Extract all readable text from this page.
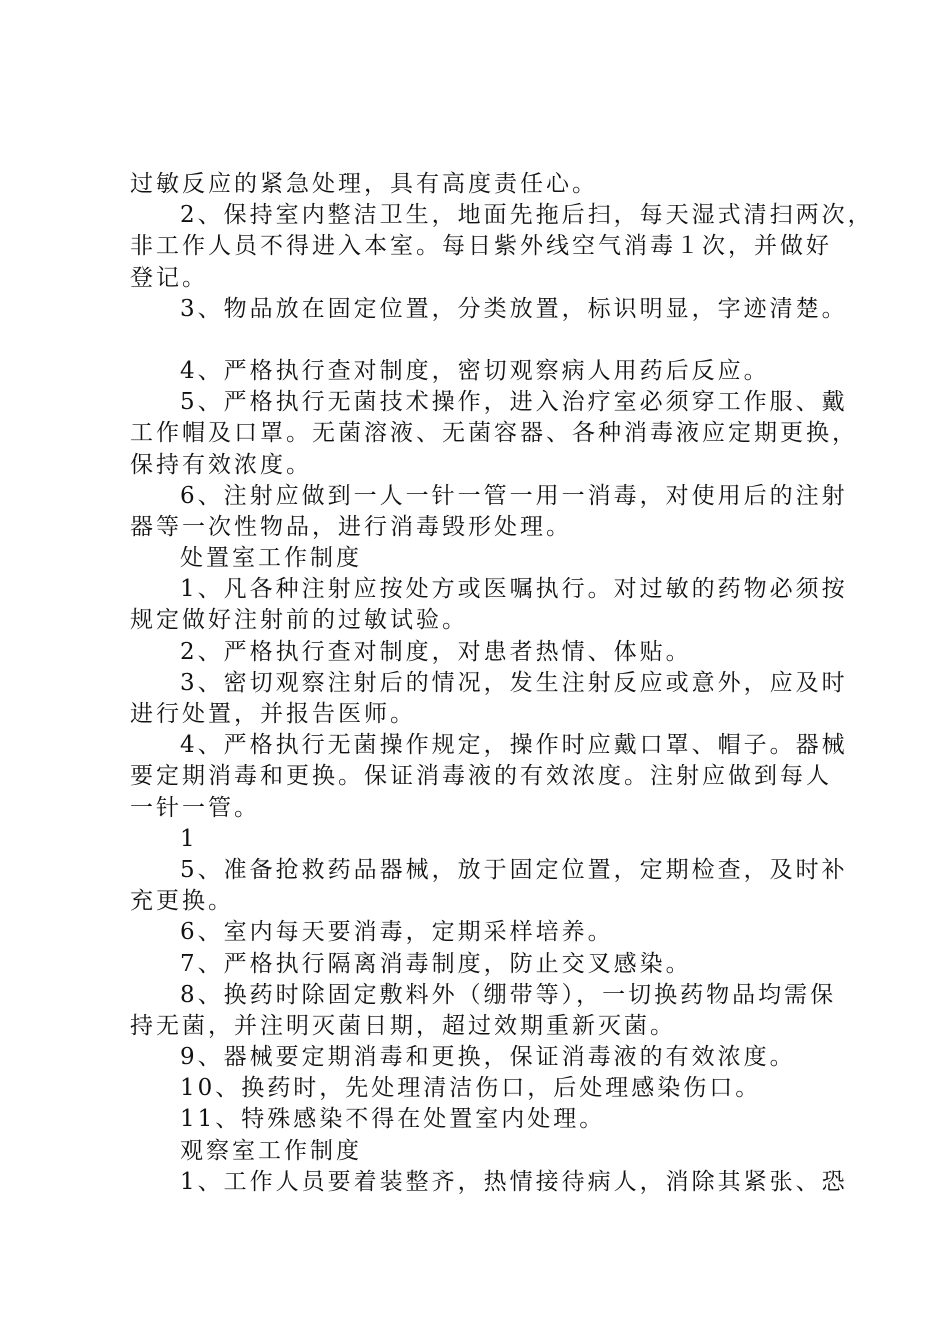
过敏反应的紧急处理，具有高度责任心。
2、保持室内整洁卫生，地面先拖后扫，每天湿式清扫两次，
非工作人员不得进入本室。每日紫外线空气消毒１次，并做好
登记。
3、物品放在固定位置，分类放置，标识明显，字迹清楚。
4、严格执行查对制度，密切观察病人用药后反应。
5、严格执行无菌技术操作，进入治疗室必须穿工作服、戴
工作帽及口罩。无菌溶液、无菌容器、各种消毒液应定期更换，
保持有效浓度。
6、注射应做到一人一针一管一用一消毒，对使用后的注射
器等一次性物品，进行消毒毁形处理。
处置室工作制度
1、凡各种注射应按处方或医嘱执行。对过敏的药物必须按
规定做好注射前的过敏试验。
2、严格执行查对制度，对患者热情、体贴。
3、密切观察注射后的情况，发生注射反应或意外，应及时
进行处置，并报告医师。
4、严格执行无菌操作规定，操作时应戴口罩、帽子。器械
要定期消毒和更换。保证消毒液的有效浓度。注射应做到每人
一针一管。
1
5、准备抢救药品器械，放于固定位置，定期检查，及时补
充更换。
6、室内每天要消毒，定期采样培养。
7、严格执行隔离消毒制度，防止交叉感染。
8、换药时除固定敷料外（绷带等），一切换药物品均需保
持无菌，并注明灭菌日期，超过效期重新灭菌。
9、器械要定期消毒和更换，保证消毒液的有效浓度。
10、换药时，先处理清洁伤口，后处理感染伤口。
11、特殊感染不得在处置室内处理。
观察室工作制度
1、工作人员要着装整齐，热情接待病人，消除其紧张、恐
